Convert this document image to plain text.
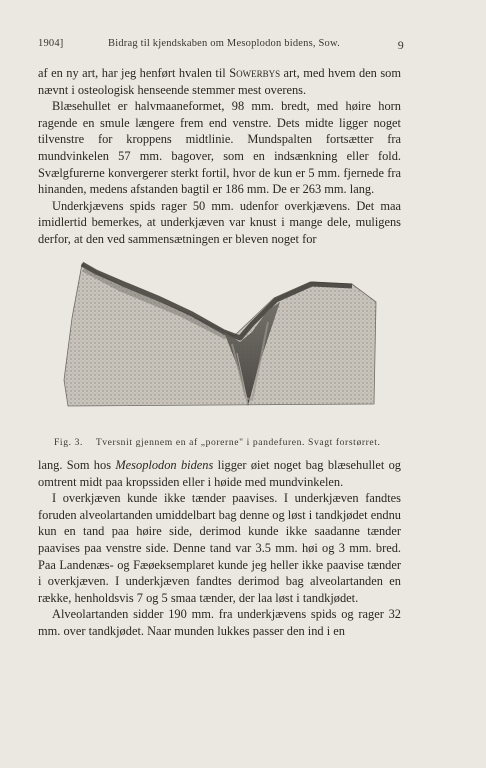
1904]	Bidrag til kjendskaben om Mesoplodon bidens, Sow.	9

af en ny art, har jeg henført hvalen til Sowerbys art, med hvem den som nævnt i osteologisk henseende stemmer mest overens.

Blæsehullet er halvmaaneformet, 98 mm. bredt, med høire horn ragende en smule længere frem end venstre. Dets midte ligger noget tilvenstre for kroppens midtlinie. Mundspalten fortsætter fra mundvinkelen 57 mm. bagover, som en indsænkning eller fold. Svælgfurerne konvergerer sterkt fortil, hvor de kun er 5 mm. fjernede fra hinanden, medens afstanden bagtil er 186 mm. De er 263 mm. lang.

Underkjævens spids rager 50 mm. udenfor overkjævens. Det maa imidlertid bemerkes, at underkjæven var knust i mange dele, muligens derfor, at den ved sammensætningen er bleven noget for

Fig. 3. Tversnit gjennem en af „porerne" i pandefuren. Svagt forstørret.

lang. Som hos Mesoplodon bidens ligger øiet noget bag blæsehullet og omtrent midt paa kropssiden eller i høide med mundvinkelen.

I overkjæven kunde ikke tænder paavises. I underkjæven fandtes foruden alveolartanden umiddelbart bag denne og løst i tandkjødet endnu kun en tand paa høire side, derimod kunde ikke saadanne tænder paavises paa venstre side. Denne tand var 3.5 mm. høi og 3 mm. bred. Paa Landenæs- og Fæøeksemplaret kunde jeg heller ikke paavise tænder i overkjæven. I underkjæven fandtes derimod bag alveolartanden en række, henholdsvis 7 og 5 smaa tænder, der laa løst i tandkjødet.

Alveolartanden sidder 190 mm. fra underkjævens spids og rager 32 mm. over tandkjødet. Naar munden lukkes passer den ind i en
